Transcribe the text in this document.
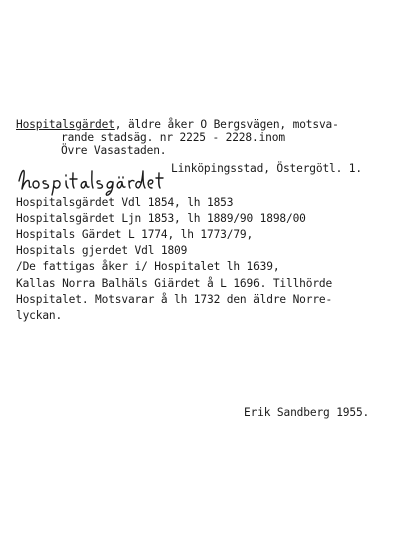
Hospitalsgärdet, äldre åker O Bergsvägen, motsva-
rande stadsäg. nr 2225 - 2228.inom
Övre Vasastaden.
Linköpingsstad, Östergötl. 1.
Hospitalsgärdet Vdl 1854, lh 1853
Hospitalsgärdet Ljn 1853, lh 1889/90 1898/00
Hospitals Gärdet L 1774, lh 1773/79,
Hospitals gjerdet Vdl 1809
/De fattigas åker i/ Hospitalet lh 1639,
Kallas Norra Balhäls Giärdet å L 1696. Tillhörde
Hospitalet. Motsvarar å lh 1732 den äldre Norre-
lyckan.
Erik Sandberg 1955.
